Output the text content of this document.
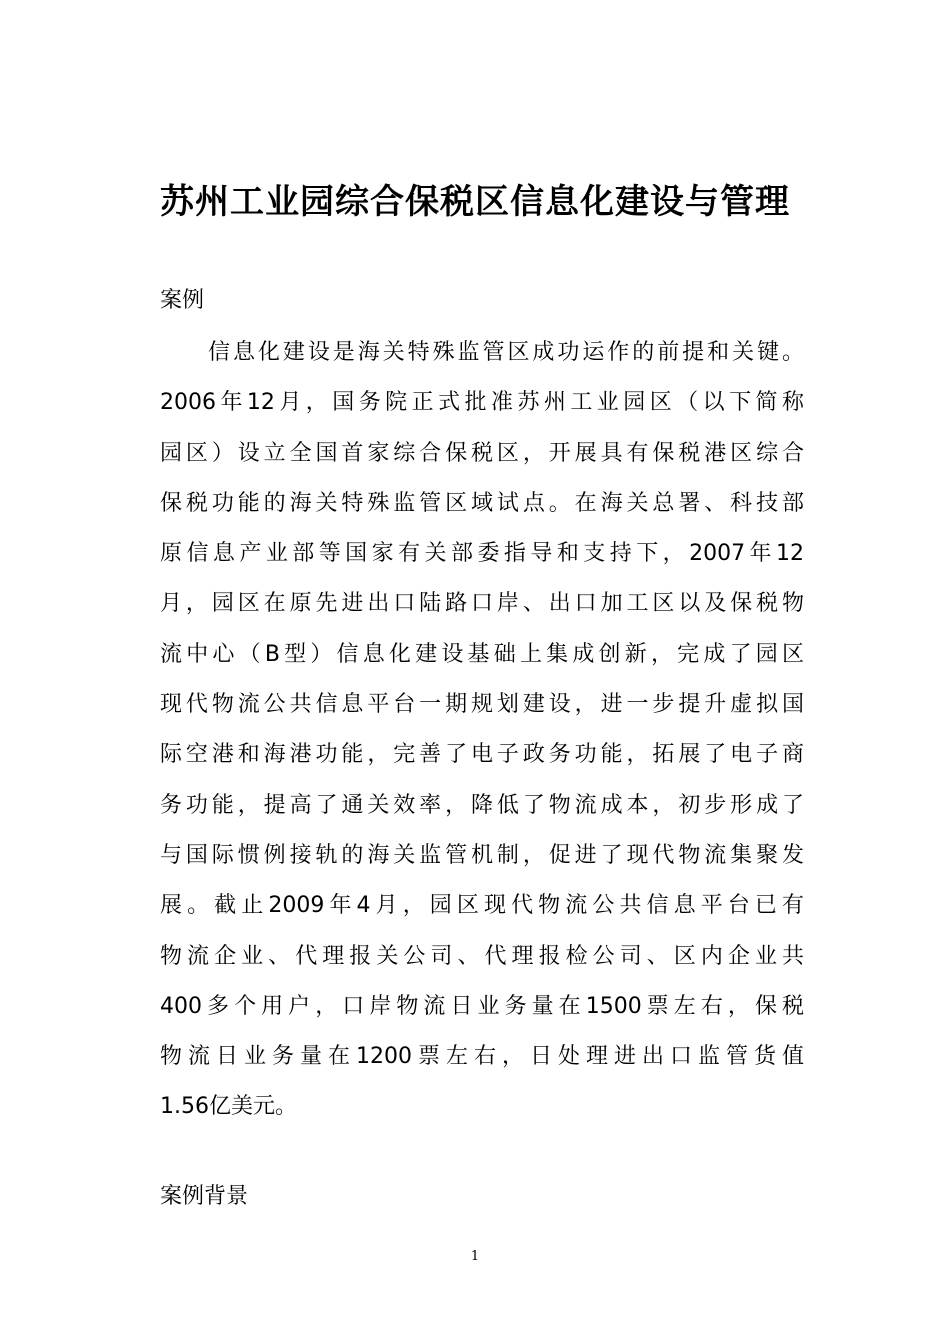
苏州工业园综合保税区信息化建设与管理
案例
信息化建设是海关特殊监管区成功运作的前提和关键。
2006年12月，国务院正式批准苏州工业园区（以下简称
园区）设立全国首家综合保税区，开展具有保税港区综合
保税功能的海关特殊监管区域试点。在海关总署、科技部
原信息产业部等国家有关部委指导和支持下，2007年12
月，园区在原先进出口陆路口岸、出口加工区以及保税物
流中心（B型）信息化建设基础上集成创新，完成了园区
现代物流公共信息平台一期规划建设，进一步提升虚拟国
际空港和海港功能，完善了电子政务功能，拓展了电子商
务功能，提高了通关效率，降低了物流成本，初步形成了
与国际惯例接轨的海关监管机制，促进了现代物流集聚发
展。截止2009年4月，园区现代物流公共信息平台已有
物流企业、代理报关公司、代理报检公司、区内企业共
400多个用户，口岸物流日业务量在1500票左右，保税
物流日业务量在1200票左右，日处理进出口监管货值
1.56亿美元。
案例背景
1
